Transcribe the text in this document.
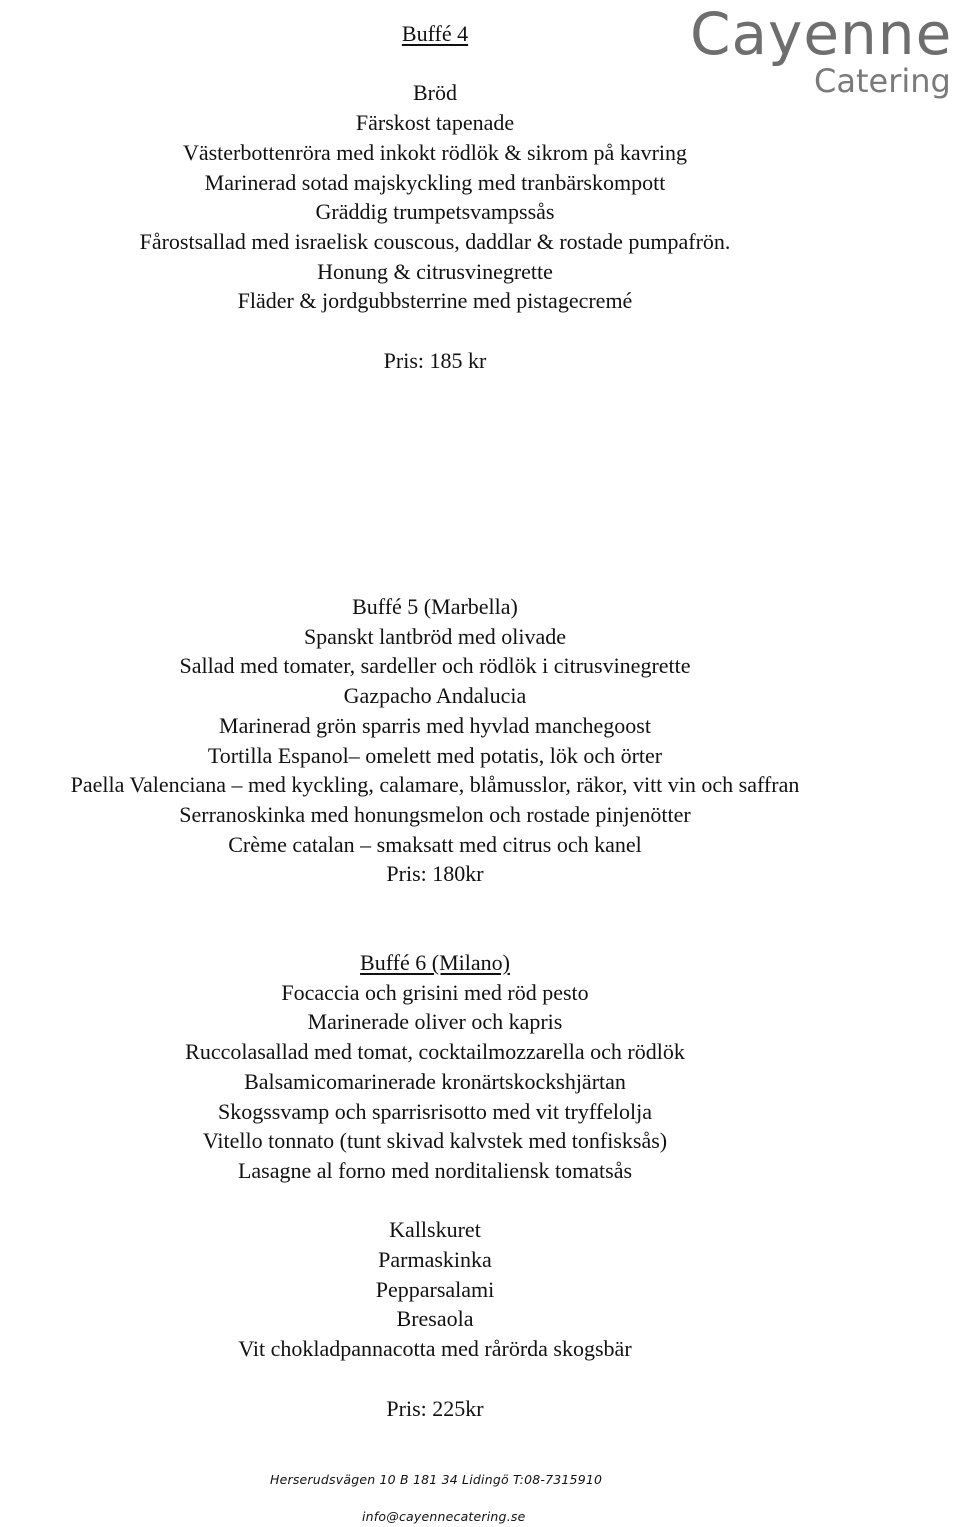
Cayenne
Catering
Buffé 4
Bröd
Färskost tapenade
Västerbottenröra med inkokt rödlök & sikrom på kavring
Marinerad sotad majskyckling med tranbärskompott
Gräddig trumpetsvampssås
Fårostsallad med israelisk couscous, daddlar & rostade pumpafrön.
Honung & citrusvinegrette
Fläder & jordgubbsterrine med pistagecremé
Pris: 185 kr
Buffé 5 (Marbella)
Spanskt lantbröd med olivade
Sallad med tomater, sardeller och rödlök i citrusvinegrette
Gazpacho Andalucia
Marinerad grön sparris med hyvlad manchegoost
Tortilla Espanol– omelett med potatis, lök och örter
Paella Valenciana – med kyckling, calamare, blåmusslor, räkor, vitt vin och saffran
Serranoskinka med honungsmelon och rostade pinjenötter
Crème catalan – smaksatt med citrus och kanel
Pris: 180kr
Buffé 6 (Milano)
Focaccia och grisini med röd pesto
Marinerade oliver och kapris
Ruccolasallad med tomat, cocktailmozzarella och rödlök
Balsamicomarinerade kronärtskockshjärtan
Skogssvamp och sparrisrisotto med vit tryffelolja
Vitello tonnato (tunt skivad kalvstek med tonfisksås)
Lasagne al forno med norditaliensk tomatsås
Kallskuret
Parmaskinka
Pepparsalami
Bresaola
Vit chokladpannacotta med rårörda skogsbär
Pris: 225kr
Herserudsvägen 10 B 181 34 Lidingö T:08-7315910
info@cayennecatering.se
